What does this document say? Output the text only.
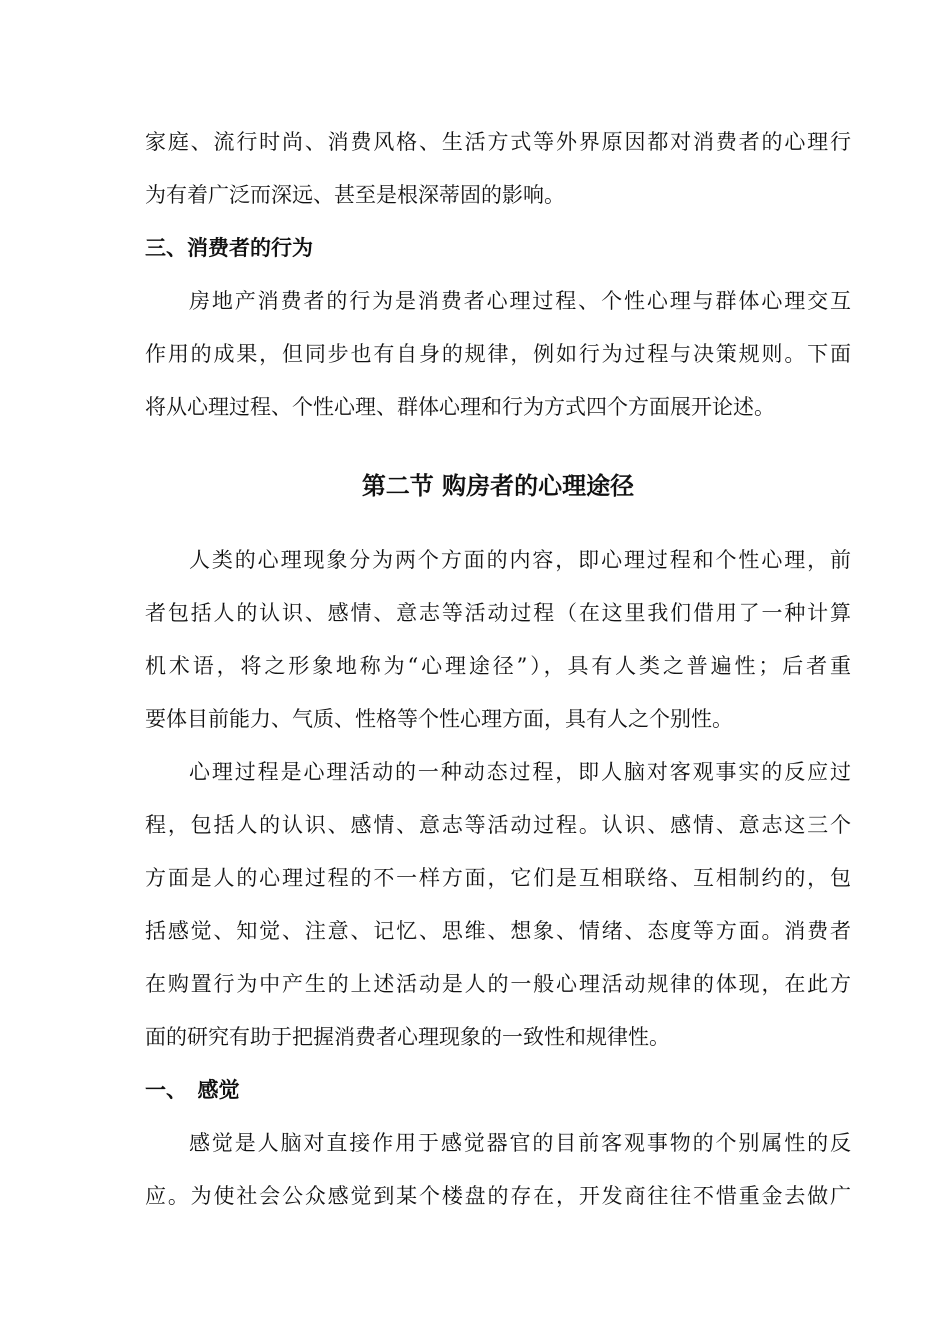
家庭、流行时尚、消费风格、生活方式等外界原因都对消费者的心理行

为有着广泛而深远、甚至是根深蒂固的影响。

三、消费者的行为

房地产消费者的行为是消费者心理过程、个性心理与群体心理交互

作用的成果，但同步也有自身的规律，例如行为过程与决策规则。下面

将从心理过程、个性心理、群体心理和行为方式四个方面展开论述。

第二节 购房者的心理途径

人类的心理现象分为两个方面的内容，即心理过程和个性心理，前

者包括人的认识、感情、意志等活动过程（在这里我们借用了一种计算

机术语，将之形象地称为“心理途径”），具有人类之普遍性；后者重

要体目前能力、气质、性格等个性心理方面，具有人之个别性。

心理过程是心理活动的一种动态过程，即人脑对客观事实的反应过

程，包括人的认识、感情、意志等活动过程。认识、感情、意志这三个

方面是人的心理过程的不一样方面，它们是互相联络、互相制约的，包

括感觉、知觉、注意、记忆、思维、想象、情绪、态度等方面。消费者

在购置行为中产生的上述活动是人的一般心理活动规律的体现，在此方

面的研究有助于把握消费者心理现象的一致性和规律性。

一、　感觉

感觉是人脑对直接作用于感觉器官的目前客观事物的个别属性的反

应。为使社会公众感觉到某个楼盘的存在，开发商往往不惜重金去做广
